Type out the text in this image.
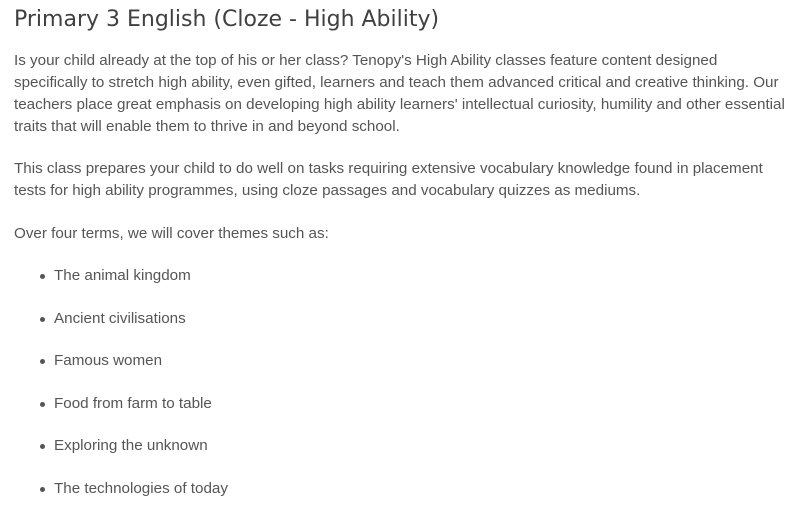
Primary 3 English (Cloze - High Ability)

Is your child already at the top of his or her class? Tenopy's High Ability classes feature content designed specifically to stretch high ability, even gifted, learners and teach them advanced critical and creative thinking. Our teachers place great emphasis on developing high ability learners' intellectual curiosity, humility and other essential traits that will enable them to thrive in and beyond school.

This class prepares your child to do well on tasks requiring extensive vocabulary knowledge found in placement tests for high ability programmes, using cloze passages and vocabulary quizzes as mediums.

Over four terms, we will cover themes such as:

The animal kingdom
Ancient civilisations
Famous women
Food from farm to table
Exploring the unknown
The technologies of today
